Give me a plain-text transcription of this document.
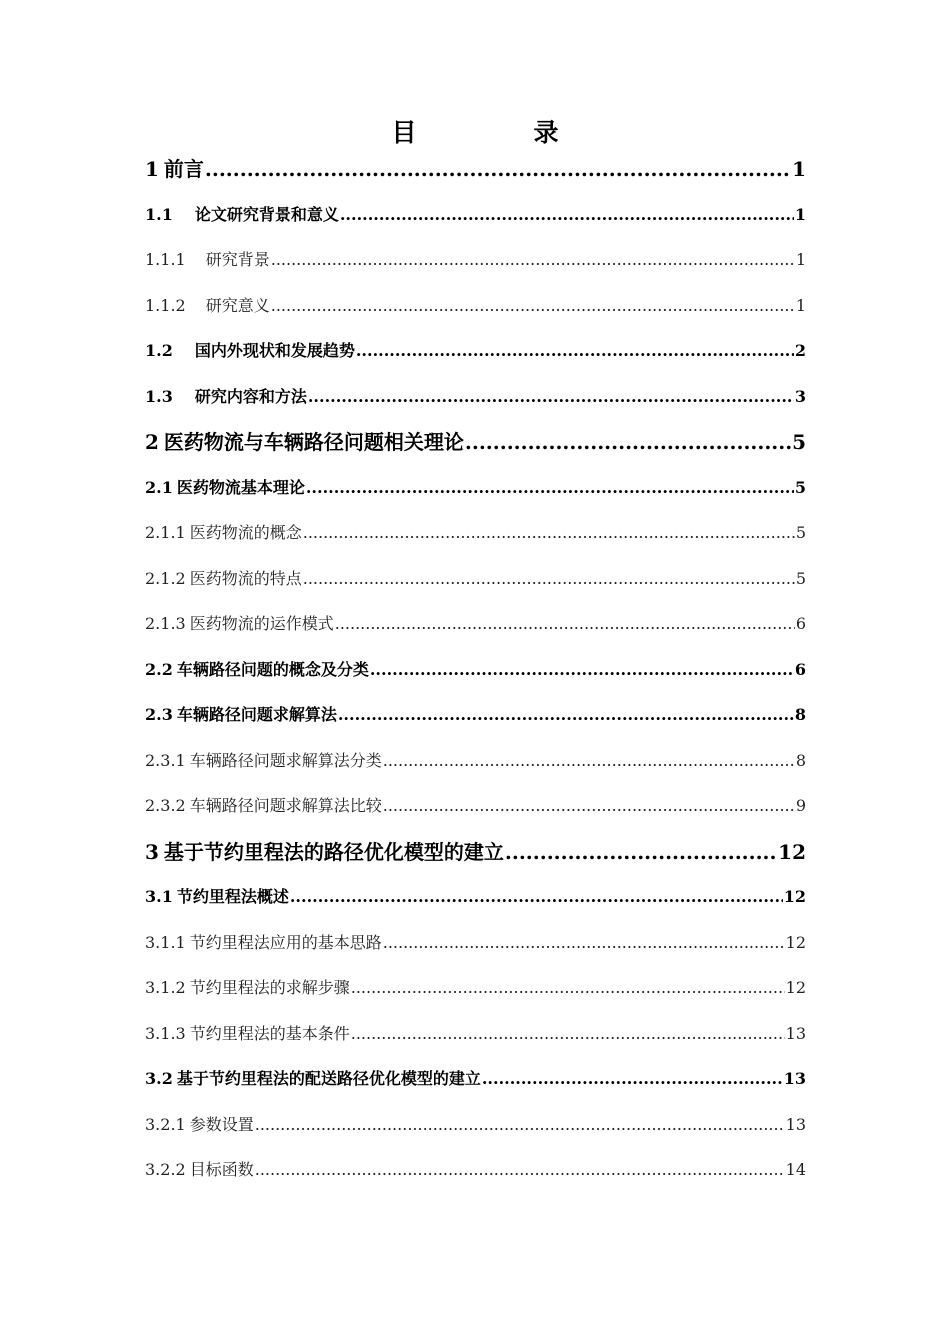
目　录
1 前言 .....	1
1.1 论文研究背景和意义 .....	1
1.1.1 研究背景 .....	1
1.1.2 研究意义 .....	1
1.2 国内外现状和发展趋势 .....	2
1.3 研究内容和方法 .....	3
2 医药物流与车辆路径问题相关理论 .....	5
2.1 医药物流基本理论 .....	5
2.1.1 医药物流的概念 .....	5
2.1.2 医药物流的特点 .....	5
2.1.3 医药物流的运作模式 .....	6
2.2 车辆路径问题的概念及分类 .....	6
2.3 车辆路径问题求解算法 .....	8
2.3.1 车辆路径问题求解算法分类 .....	8
2.3.2 车辆路径问题求解算法比较 .....	9
3 基于节约里程法的路径优化模型的建立 .....	12
3.1 节约里程法概述 .....	12
3.1.1 节约里程法应用的基本思路 .....	12
3.1.2 节约里程法的求解步骤 .....	12
3.1.3 节约里程法的基本条件 .....	13
3.2 基于节约里程法的配送路径优化模型的建立 .....	13
3.2.1 参数设置 .....	13
3.2.2 目标函数 .....	14
